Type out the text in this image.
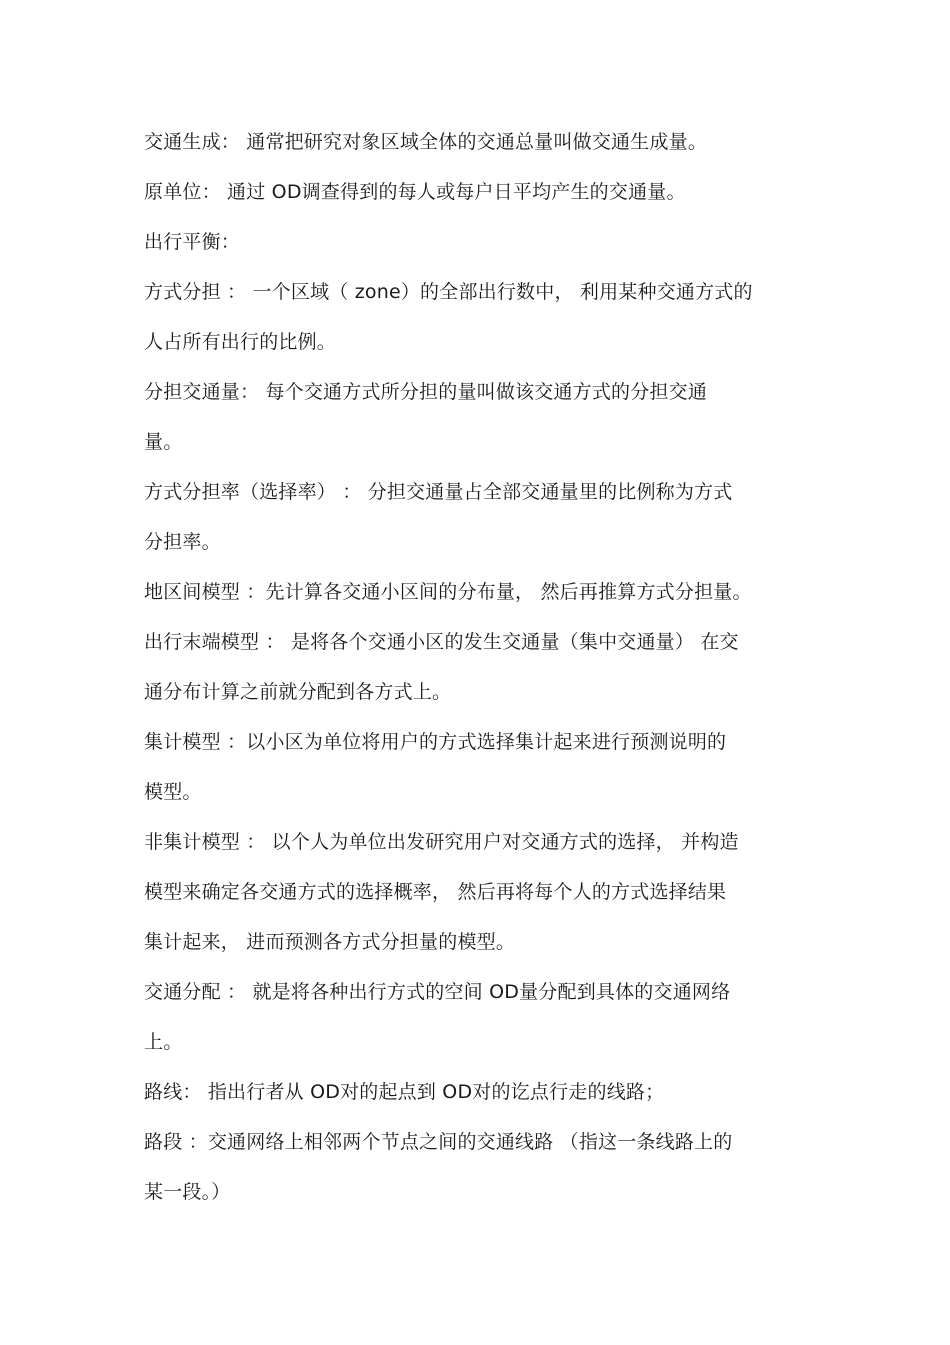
交通生成： 通常把研究对象区域全体的交通总量叫做交通生成量。
原单位： 通过 OD调查得到的每人或每户日平均产生的交通量。
出行平衡：
方式分担 ： 一个区域（ zone）的全部出行数中， 利用某种交通方式的
人占所有出行的比例。
分担交通量： 每个交通方式所分担的量叫做该交通方式的分担交通
量。
方式分担率（选择率） ： 分担交通量占全部交通量里的比例称为方式
分担率。
地区间模型 ：先计算各交通小区间的分布量， 然后再推算方式分担量。
出行末端模型 ： 是将各个交通小区的发生交通量（集中交通量） 在交
通分布计算之前就分配到各方式上。
集计模型 ：以小区为单位将用户的方式选择集计起来进行预测说明的
模型。
非集计模型 ： 以个人为单位出发研究用户对交通方式的选择， 并构造
模型来确定各交通方式的选择概率， 然后再将每个人的方式选择结果
集计起来， 进而预测各方式分担量的模型。
交通分配 ： 就是将各种出行方式的空间 OD量分配到具体的交通网络
上。
路线： 指出行者从 OD对的起点到 OD对的讫点行走的线路；
路段 ：交通网络上相邻两个节点之间的交通线路 （指这一条线路上的
某一段。）
